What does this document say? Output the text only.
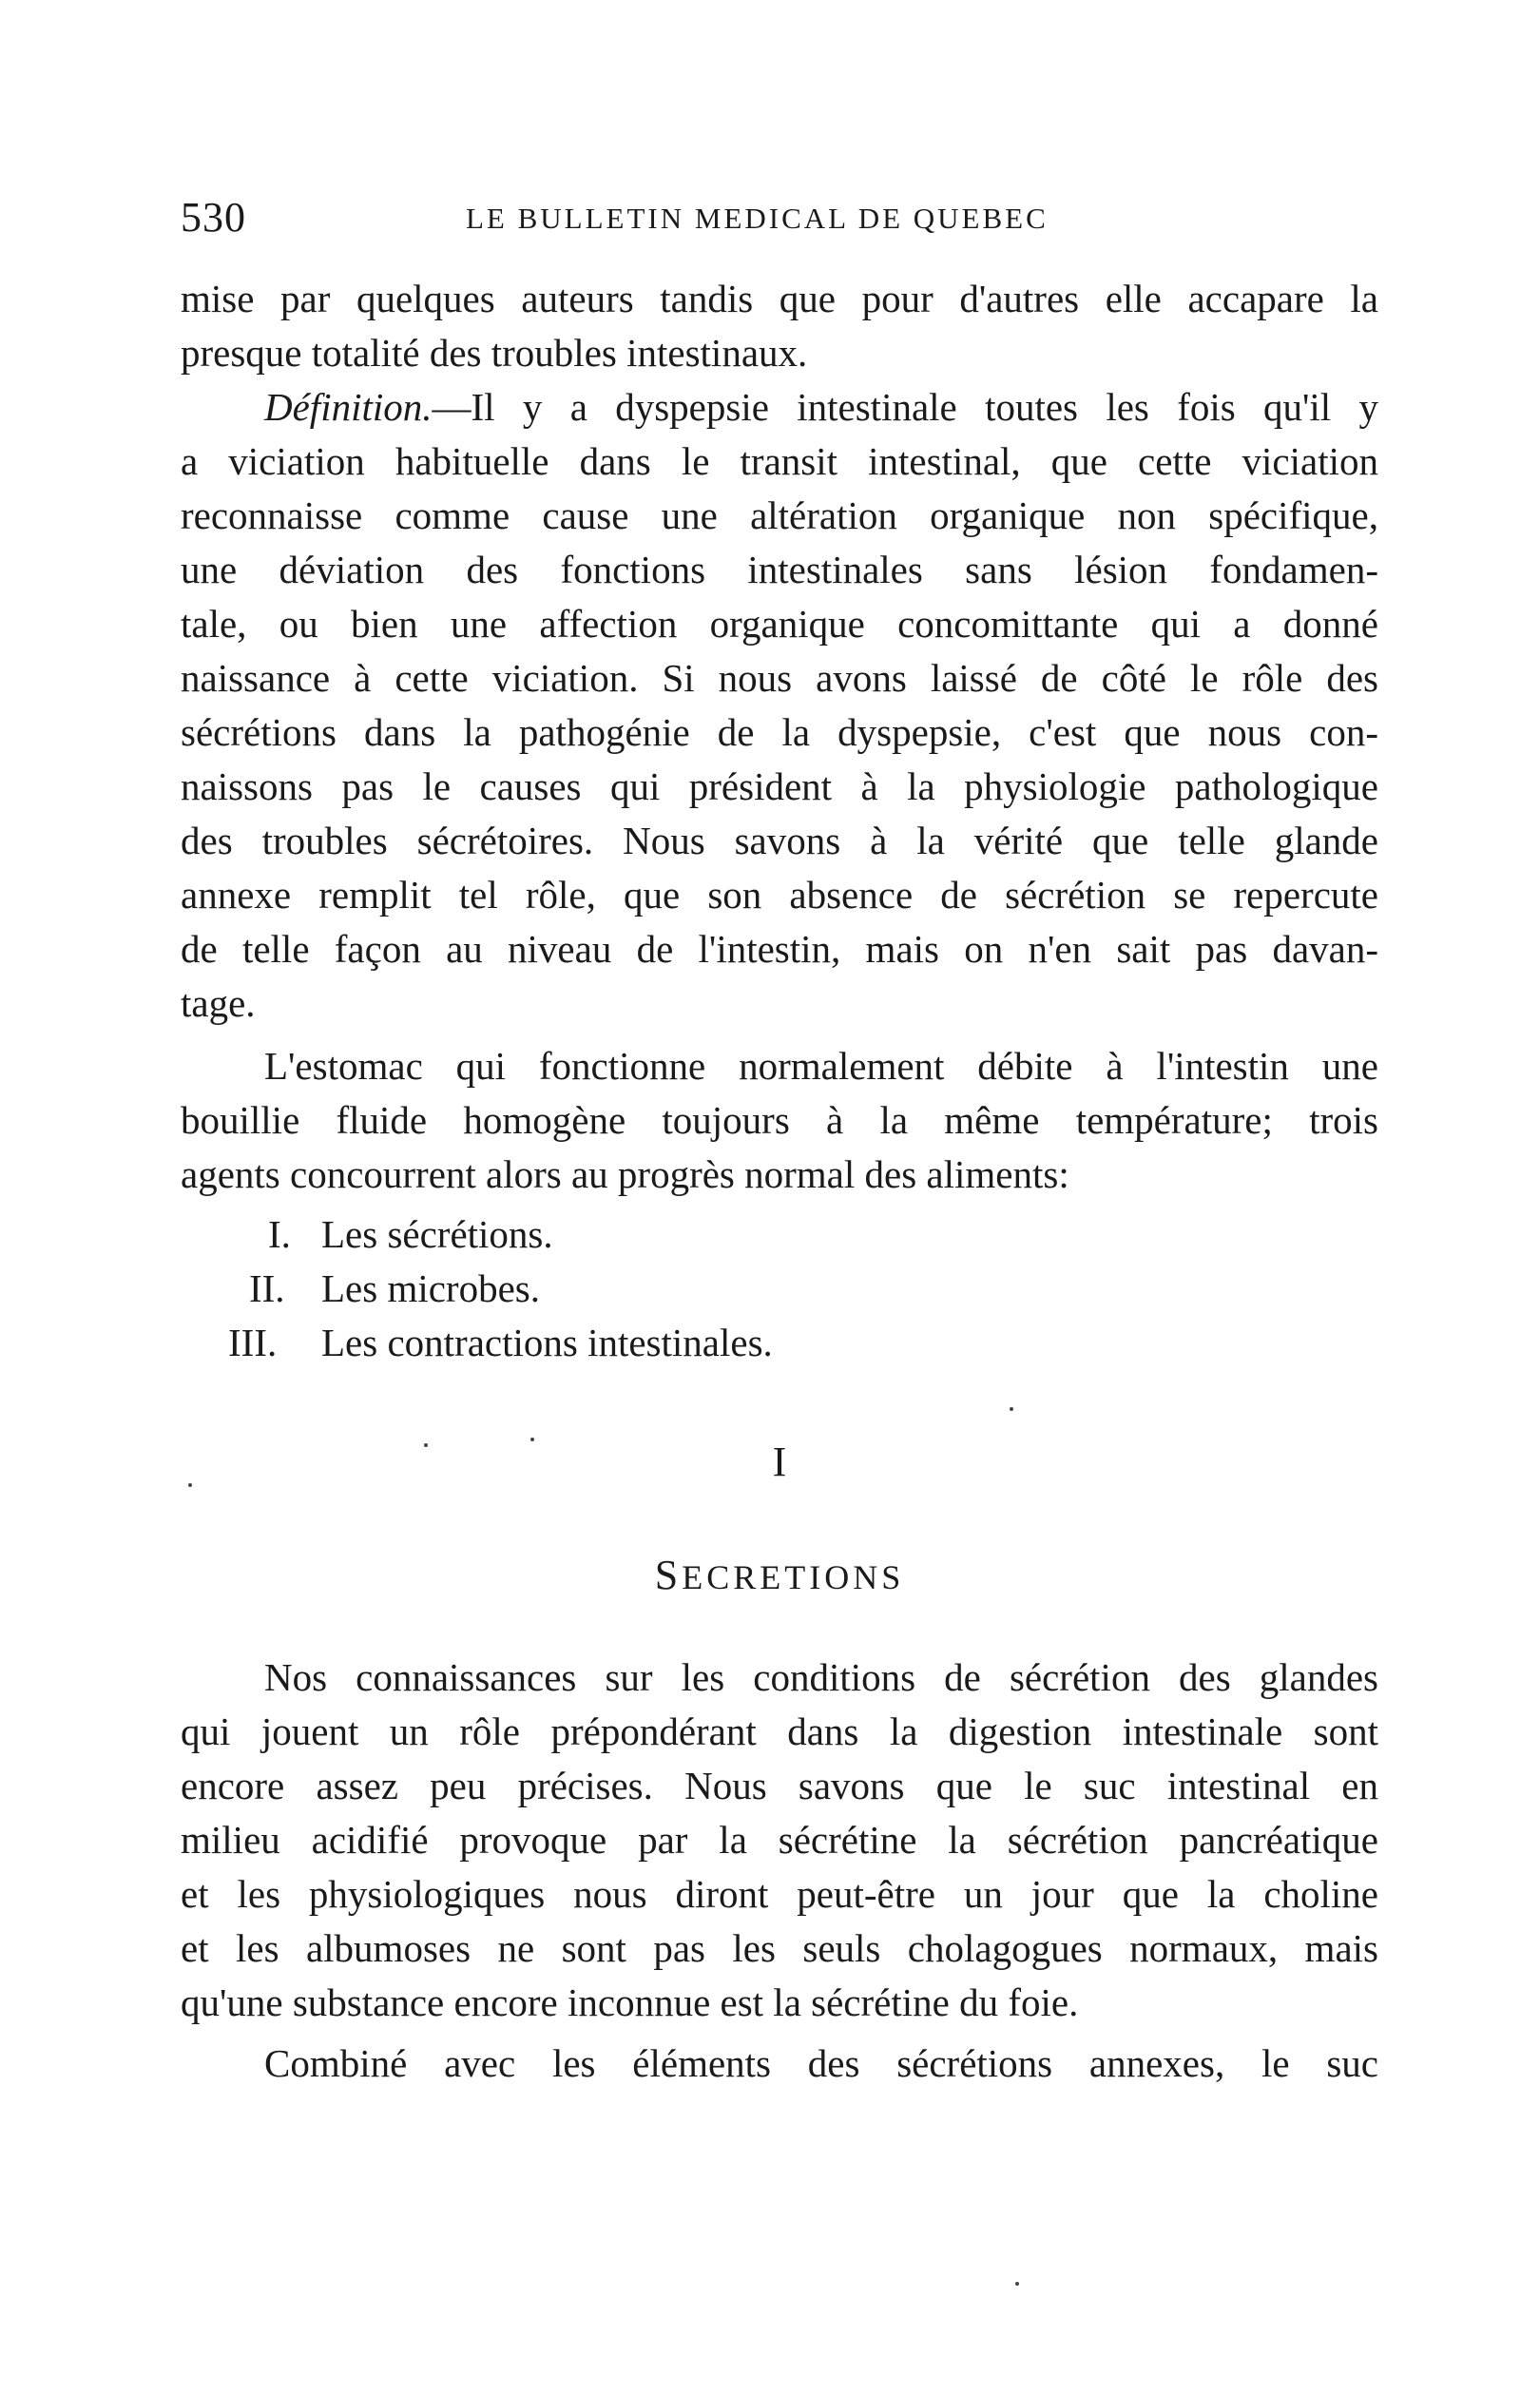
530	LE BULLETIN MEDICAL DE QUEBEC
mise par quelques auteurs tandis que pour d'autres elle accapare la
presque totalité des troubles intestinaux.
Définition.—Il y a dyspepsie intestinale toutes les fois qu'il y
a viciation habituelle dans le transit intestinal, que cette viciation
reconnaisse comme cause une altération organique non spécifique,
une déviation des fonctions intestinales sans lésion fondamen-
tale, ou bien une affection organique concomittante qui a donné
naissance à cette viciation. Si nous avons laissé de côté le rôle des
sécrétions dans la pathogénie de la dyspepsie, c'est que nous con-
naissons pas le causes qui président à la physiologie pathologique
des troubles sécrétoires. Nous savons à la vérité que telle glande
annexe remplit tel rôle, que son absence de sécrétion se repercute
de telle façon au niveau de l'intestin, mais on n'en sait pas davan-
tage.
L'estomac qui fonctionne normalement débite à l'intestin une
bouillie fluide homogène toujours à la même température; trois
agents concourrent alors au progrès normal des aliments:
I. Les sécrétions.
II. Les microbes.
III. Les contractions intestinales.
I
SECRETIONS
Nos connaissances sur les conditions de sécrétion des glandes
qui jouent un rôle prépondérant dans la digestion intestinale sont
encore assez peu précises. Nous savons que le suc intestinal en
milieu acidifié provoque par la sécrétine la sécrétion pancréatique
et les physiologiques nous diront peut-être un jour que la choline
et les albumoses ne sont pas les seuls cholagogues normaux, mais
qu'une substance encore inconnue est la sécrétine du foie.
Combiné avec les éléments des sécrétions annexes, le suc
